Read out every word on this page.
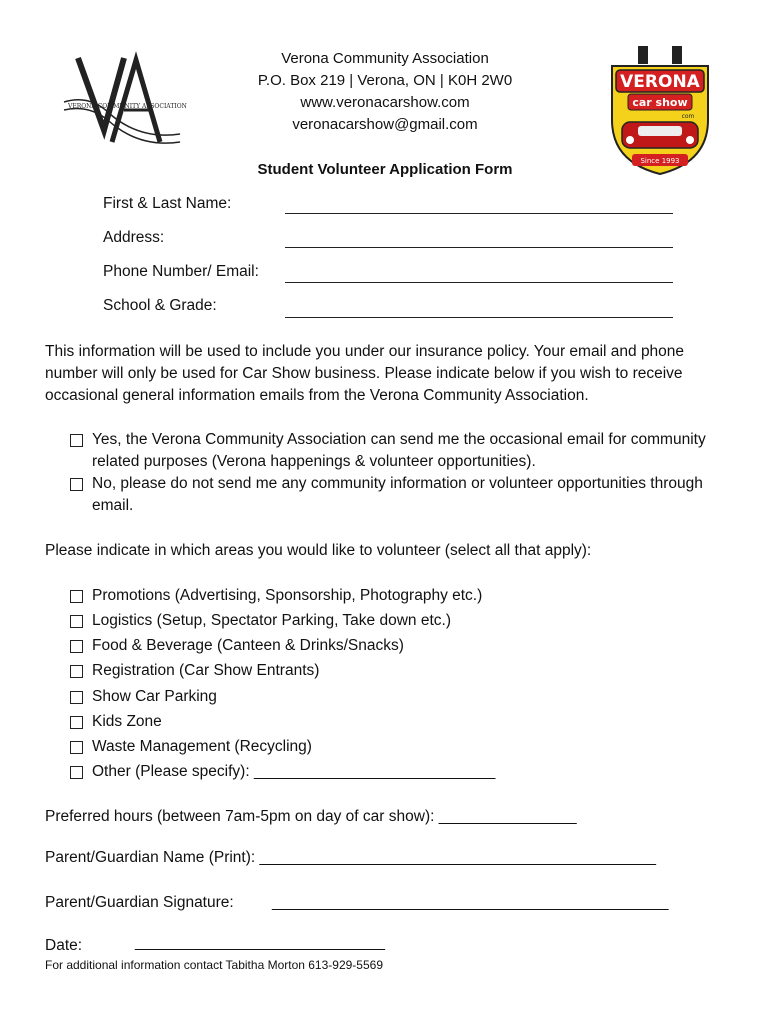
VERONA COMMUNITY ASSOCIATION
Verona Community Association
P.O. Box 219 | Verona, ON | K0H 2W0
www.veronacarshow.com
veronacarshow@gmail.com
Student Volunteer Application Form
VERONA
car show
com
Since 1993
First & Last Name:
Address:
Phone Number/ Email:
School & Grade:
This information will be used to include you under our insurance policy. Your email and phone number will only be used for Car Show business. Please indicate below if you wish to receive occasional general information emails from the Verona Community Association.
Yes, the Verona Community Association can send me the occasional email for community related purposes (Verona happenings & volunteer opportunities).
No, please do not send me any community information or volunteer opportunities through email.
Please indicate in which areas you would like to volunteer (select all that apply):
Promotions (Advertising, Sponsorship, Photography etc.)
Logistics (Setup, Spectator Parking, Take down etc.)
Food & Beverage (Canteen & Drinks/Snacks)
Registration (Car Show Entrants)
Show Car Parking
Kids Zone
Waste Management (Recycling)
Other (Please specify): ____________________________
Preferred hours (between 7am-5pm on day of car show): ________________
Parent/Guardian Name (Print): ______________________________________________
Parent/Guardian Signature:	______________________________________________
Date:	_____________________________
For additional information contact Tabitha Morton 613-929-5569
